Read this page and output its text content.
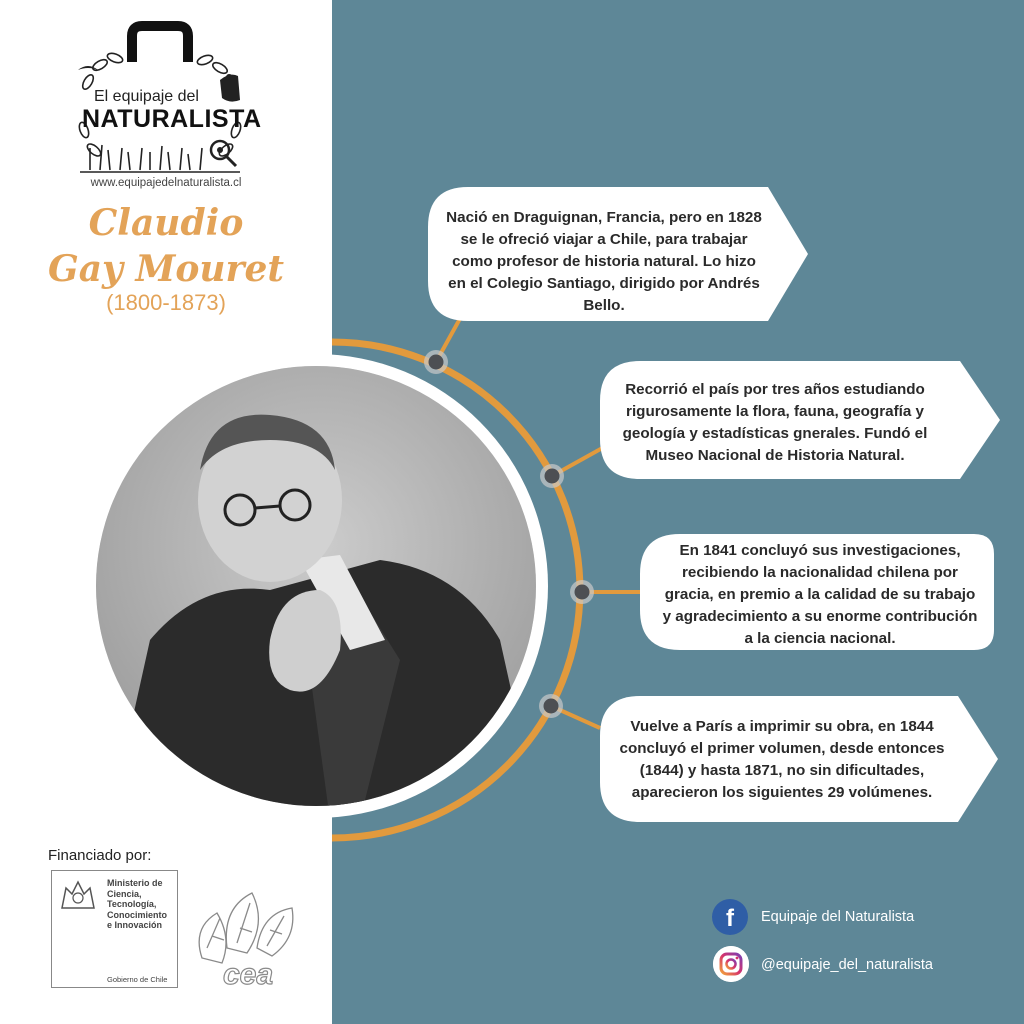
El equipaje del
NATURALISTA
www.equipajedelnaturalista.cl
Claudio
Gay Mouret
(1800-1873)
Nació en Draguignan, Francia, pero en 1828 se le ofreció viajar a Chile, para trabajar como profesor de historia natural. Lo hizo en el Colegio Santiago, dirigido por Andrés Bello.
Recorrió el país por tres años estudiando rigurosamente la flora, fauna, geografía y geología y estadísticas gnerales. Fundó el Museo Nacional de Historia Natural.
En 1841 concluyó sus investigaciones, recibiendo la nacionalidad chilena por gracia, en premio a la calidad de su trabajo y agradecimiento a su enorme contribución a la ciencia nacional.
Vuelve a París a imprimir su obra, en 1844 concluyó el primer volumen, desde entonces (1844) y hasta 1871, no sin dificultades, aparecieron los siguientes 29 volúmenes.
Financiado por:
Ministerio de
Ciencia,
Tecnología,
Conocimiento
e Innovación
Gobierno de Chile cea
f Equipaje del Naturalista
@equipaje_del_naturalista
